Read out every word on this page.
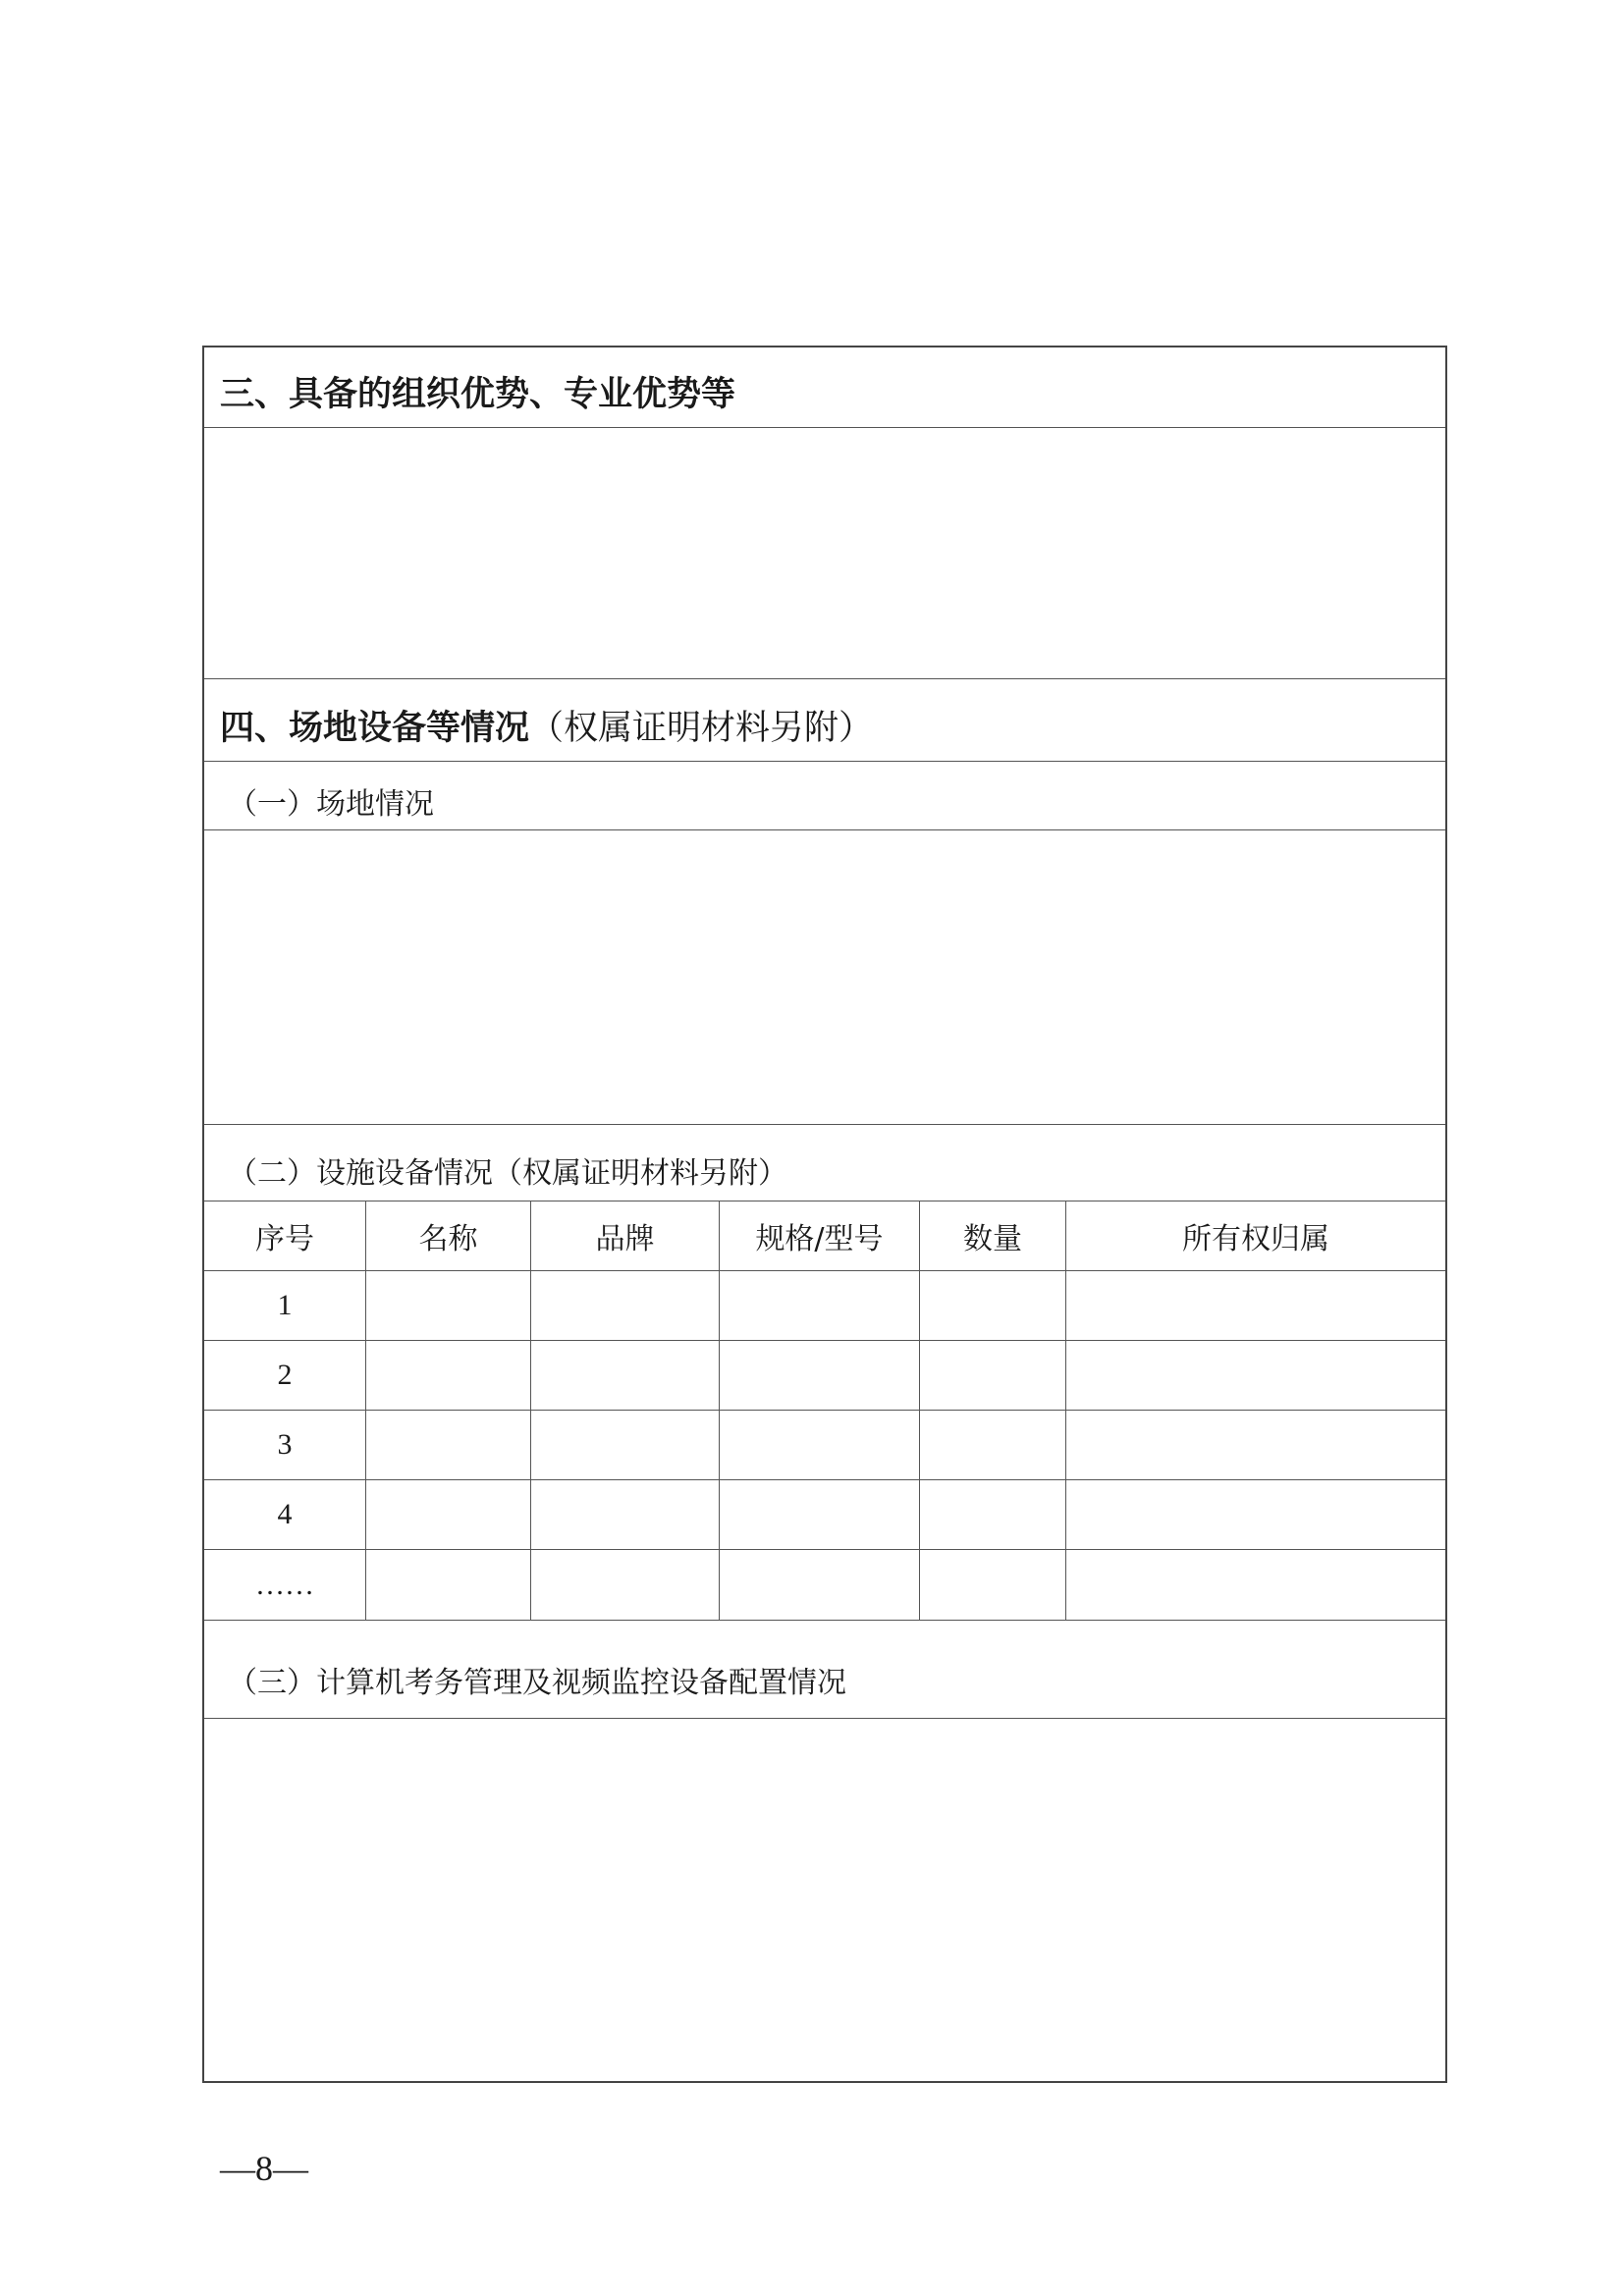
三、具备的组织优势、专业优势等
四、场地设备等情况（权属证明材料另附）
（一）场地情况
（二）设施设备情况（权属证明材料另附）
序号	名称	品牌	规格/型号	数量	所有权归属
1
2
3
4
……
（三）计算机考务管理及视频监控设备配置情况
—8—
